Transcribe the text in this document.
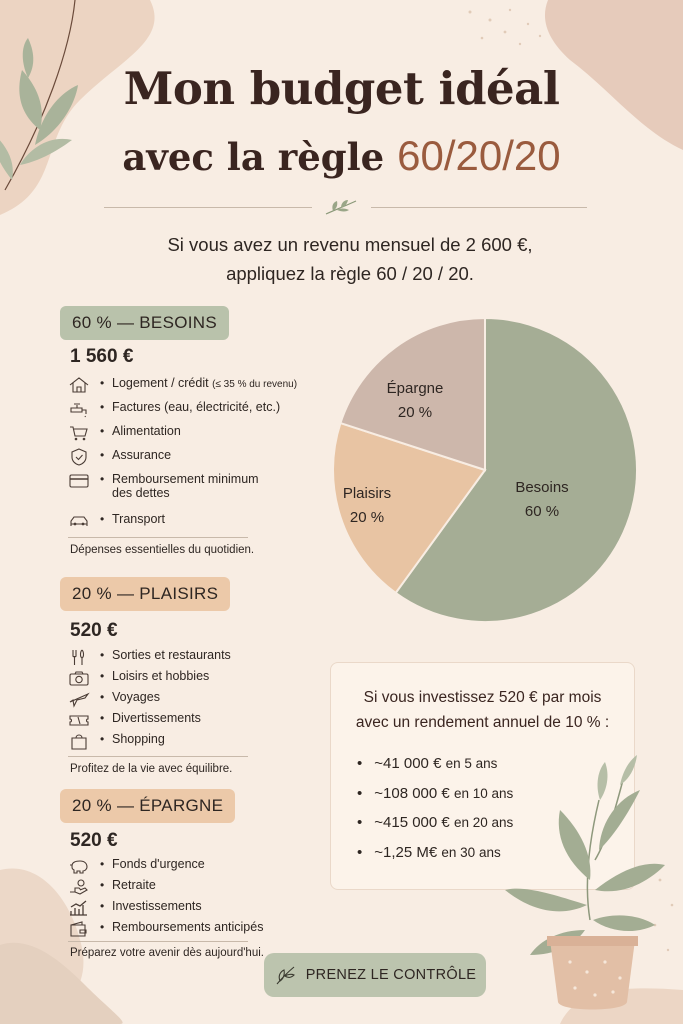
Mon budget idéal
avec la règle 60/20/20
Si vous avez un revenu mensuel de 2 600 €,
appliquez la règle 60 / 20 / 20.
60 % — BESOINS
1 560 €
•
Logement / crédit (≤ 35 % du revenu)
•
Factures (eau, électricité, etc.)
•
Alimentation
•
Assurance
•
Remboursement minimum
des dettes
•
Transport
Dépenses essentielles du quotidien.
20 % — PLAISIRS
520 €
•
Sorties et restaurants
•
Loisirs et hobbies
•
Voyages
•
Divertissements
•
Shopping
Profitez de la vie avec équilibre.
20 % — ÉPARGNE
520 €
•
Fonds d'urgence
•
Retraite
•
Investissements
•
Remboursements anticipés
Préparez votre avenir dès aujourd'hui.
Besoins
60 %
Plaisirs
20 %
Épargne
20 %
Si vous investissez 520 € par mois
avec un rendement annuel de 10 % :
• ~41 000 € en 5 ans
• ~108 000 € en 10 ans
• ~415 000 € en 20 ans
• ~1,25 M€ en 30 ans
PRENEZ LE CONTRÔLE
